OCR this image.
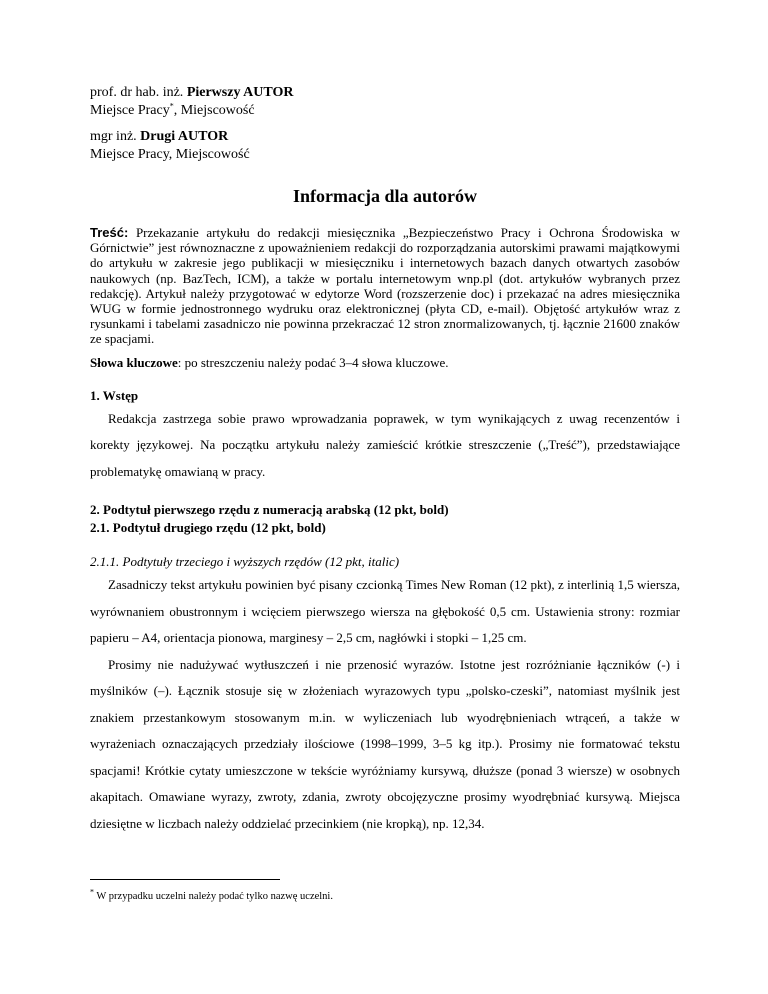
prof. dr hab. inż. Pierwszy AUTOR

Miejsce Pracy*, Miejscowość

mgr inż. Drugi AUTOR

Miejsce Pracy, Miejscowość

Informacja dla autorów

Treść: Przekazanie artykułu do redakcji miesięcznika „Bezpieczeństwo Pracy i Ochrona Środowiska w Górnictwie” jest równoznaczne z upoważnieniem redakcji do rozporządzania autorskimi prawami majątkowymi do artykułu w zakresie jego publikacji w miesięczniku i internetowych bazach danych otwartych zasobów naukowych (np. BazTech, ICM), a także w portalu internetowym wnp.pl (dot. artykułów wybranych przez redakcję). Artykuł należy przygotować w edytorze Word (rozszerzenie doc) i przekazać na adres miesięcznika WUG w formie jednostronnego wydruku oraz elektronicznej (płyta CD, e-mail). Objętość artykułów wraz z rysunkami i tabelami zasadniczo nie powinna przekraczać 12 stron znormalizowanych, tj. łącznie 21600 znaków ze spacjami.

Słowa kluczowe: po streszczeniu należy podać 3–4 słowa kluczowe.

1. Wstęp

Redakcja zastrzega sobie prawo wprowadzania poprawek, w tym wynikających z uwag recenzentów i korekty językowej. Na początku artykułu należy zamieścić krótkie streszczenie („Treść”), przedstawiające problematykę omawianą w pracy.

2. Podtytuł pierwszego rzędu z numeracją arabską (12 pkt, bold)

2.1. Podtytuł drugiego rzędu (12 pkt, bold)

2.1.1. Podtytuły trzeciego i wyższych rzędów (12 pkt, italic)

Zasadniczy tekst artykułu powinien być pisany czcionką Times New Roman (12 pkt), z interlinią 1,5 wiersza, wyrównaniem obustronnym i wcięciem pierwszego wiersza na głębokość 0,5 cm. Ustawienia strony: rozmiar papieru – A4, orientacja pionowa, marginesy – 2,5 cm, nagłówki i stopki – 1,25 cm.

Prosimy nie nadużywać wytłuszczeń i nie przenosić wyrazów. Istotne jest rozróżnianie łączników (-) i myślników (–). Łącznik stosuje się w złożeniach wyrazowych typu „polsko-czeski”, natomiast myślnik jest znakiem przestankowym stosowanym m.in. w wyliczeniach lub wyodrębnieniach wtrąceń, a także w wyrażeniach oznaczających przedziały ilościowe (1998–1999, 3–5 kg itp.). Prosimy nie formatować tekstu spacjami! Krótkie cytaty umieszczone w tekście wyróżniamy kursywą, dłuższe (ponad 3 wiersze) w osobnych akapitach. Omawiane wyrazy, zwroty, zdania, zwroty obcojęzyczne prosimy wyodrębniać kursywą. Miejsca dziesiętne w liczbach należy oddzielać przecinkiem (nie kropką), np. 12,34.

* W przypadku uczelni należy podać tylko nazwę uczelni.
